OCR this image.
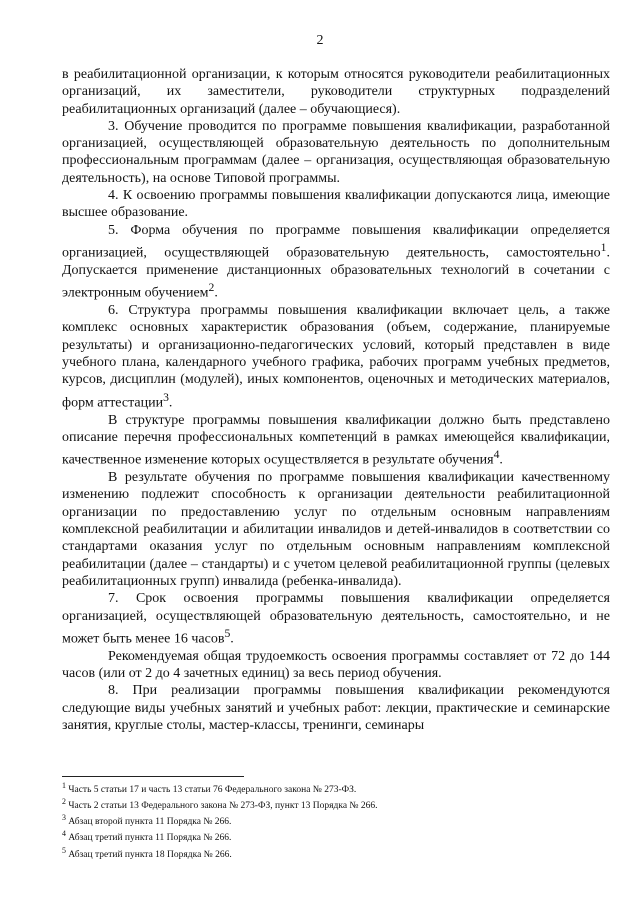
2

в реабилитационной организации, к которым относятся руководители реабилитационных организаций, их заместители, руководители структурных подразделений реабилитационных организаций (далее – обучающиеся).

3. Обучение проводится по программе повышения квалификации, разработанной организацией, осуществляющей образовательную деятельность по дополнительным профессиональным программам (далее – организация, осуществляющая образовательную деятельность), на основе Типовой программы.

4. К освоению программы повышения квалификации допускаются лица, имеющие высшее образование.

5. Форма обучения по программе повышения квалификации определяется организацией, осуществляющей образовательную деятельность, самостоятельно$^1$. Допускается применение дистанционных образовательных технологий в сочетании с электронным обучением$^2$.

6. Структура программы повышения квалификации включает цель, а также комплекс основных характеристик образования (объем, содержание, планируемые результаты) и организационно-педагогических условий, который представлен в виде учебного плана, календарного учебного графика, рабочих программ учебных предметов, курсов, дисциплин (модулей), иных компонентов, оценочных и методических материалов, форм аттестации$^3$.

В структуре программы повышения квалификации должно быть представлено описание перечня профессиональных компетенций в рамках имеющейся квалификации, качественное изменение которых осуществляется в результате обучения$^4$.

В результате обучения по программе повышения квалификации качественному изменению подлежит способность к организации деятельности реабилитационной организации по предоставлению услуг по отдельным основным направлениям комплексной реабилитации и абилитации инвалидов и детей-инвалидов в соответствии со стандартами оказания услуг по отдельным основным направлениям комплексной реабилитации (далее – стандарты) и с учетом целевой реабилитационной группы (целевых реабилитационных групп) инвалида (ребенка-инвалида).

7. Срок освоения программы повышения квалификации определяется организацией, осуществляющей образовательную деятельность, самостоятельно, и не может быть менее 16 часов$^5$.

Рекомендуемая общая трудоемкость освоения программы составляет от 72 до 144 часов (или от 2 до 4 зачетных единиц) за весь период обучения.

8. При реализации программы повышения квалификации рекомендуются следующие виды учебных занятий и учебных работ: лекции, практические и семинарские занятия, круглые столы, мастер-классы, тренинги, семинары

$^1$ Часть 5 статьи 17 и часть 13 статьи 76 Федерального закона № 273-ФЗ.
$^2$ Часть 2 статьи 13 Федерального закона № 273-ФЗ, пункт 13 Порядка № 266.
$^3$ Абзац второй пункта 11 Порядка № 266.
$^4$ Абзац третий пункта 11 Порядка № 266.
$^5$ Абзац третий пункта 18 Порядка № 266.
